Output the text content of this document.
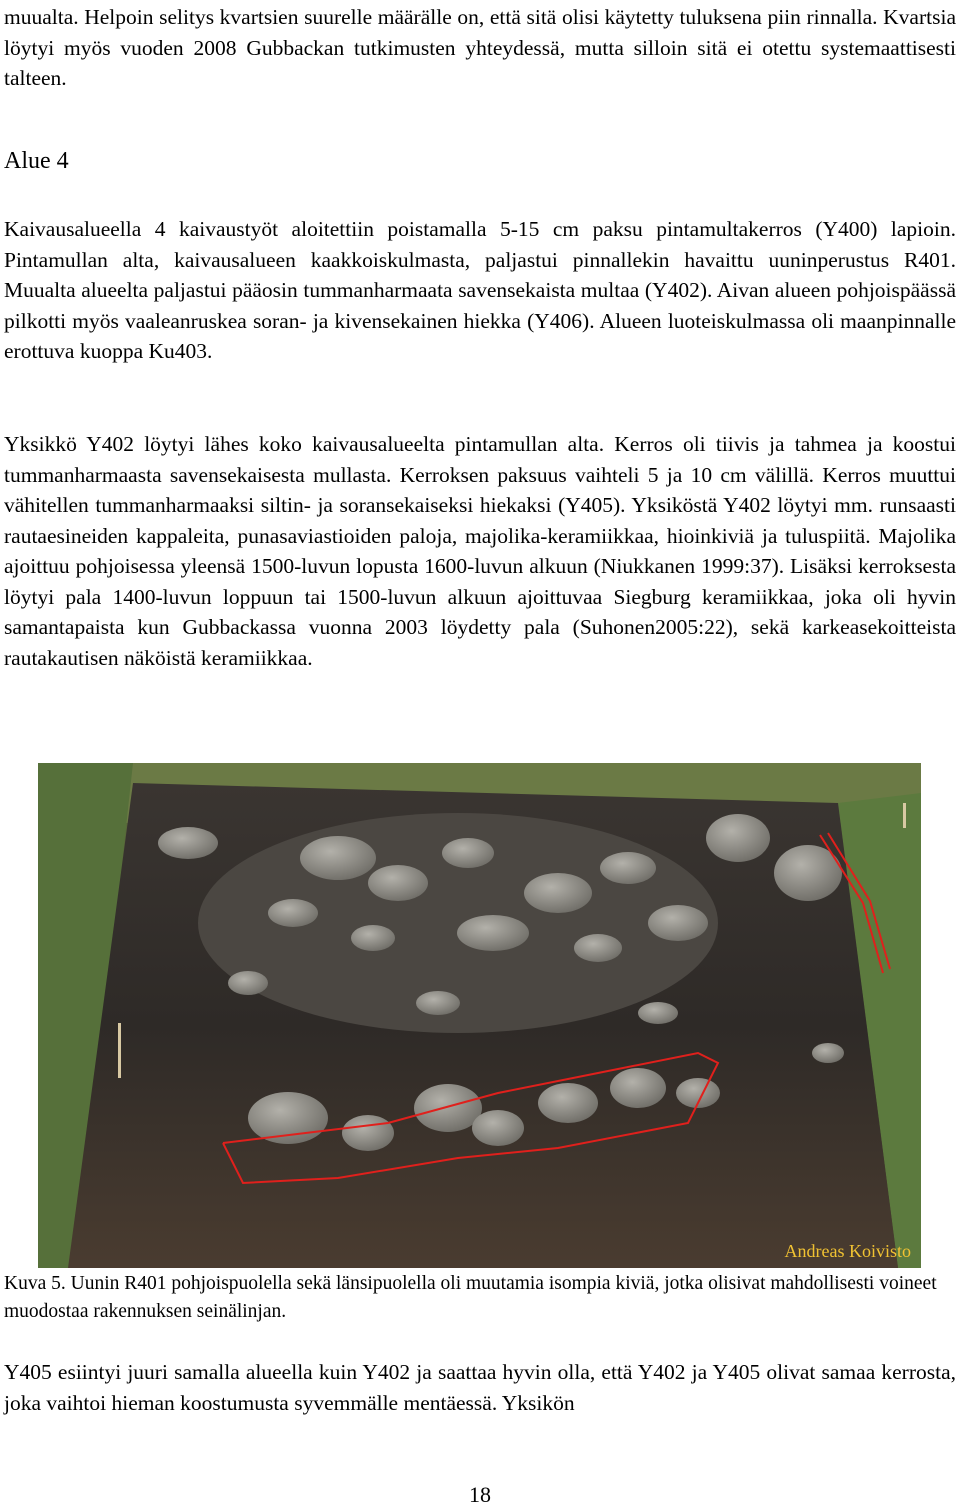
muualta. Helpoin selitys kvartsien suurelle määrälle on, että sitä olisi käytetty tuluksena piin rinnalla. Kvartsia löytyi myös vuoden 2008 Gubbackan tutkimusten yhteydessä, mutta silloin sitä ei otettu systemaattisesti talteen.

Alue 4

Kaivausalueella 4 kaivaustyöt aloitettiin poistamalla 5-15 cm paksu pintamultakerros (Y400) lapioin. Pintamullan alta, kaivausalueen kaakkoiskulmasta, paljastui pinnallekin havaittu uuninperustus R401. Muualta alueelta paljastui pääosin tummanharmaata savensekaista multaa (Y402). Aivan alueen pohjoispäässä pilkotti myös vaaleanruskea soran- ja kivensekainen hiekka (Y406). Alueen luoteiskulmassa oli maanpinnalle erottuva kuoppa Ku403.

Yksikkö Y402 löytyi lähes koko kaivausalueelta pintamullan alta. Kerros oli tiivis ja tahmea ja koostui tummanharmaasta savensekaisesta mullasta. Kerroksen paksuus vaihteli 5 ja 10 cm välillä. Kerros muuttui vähitellen tummanharmaaksi siltin- ja soransekaiseksi hiekaksi (Y405). Yksiköstä Y402 löytyi mm. runsaasti rautaesineiden kappaleita, punasaviastioiden paloja, majolika-keramiikkaa, hioinkiviä ja tuluspiitä. Majolika ajoittuu pohjoisessa yleensä 1500-luvun lopusta 1600-luvun alkuun (Niukkanen 1999:37). Lisäksi kerroksesta löytyi pala 1400-luvun loppuun tai 1500-luvun alkuun ajoittuvaa Siegburg keramiikkaa, joka oli hyvin samantapaista kun Gubbackassa vuonna 2003 löydetty pala (Suhonen2005:22), sekä karkeasekoitteista rautakautisen näköistä keramiikkaa.

Andreas Koivisto

Kuva 5. Uunin R401 pohjoispuolella sekä länsipuolella oli muutamia isompia kiviä, jotka olisivat mahdollisesti voineet muodostaa rakennuksen seinälinjan.

Y405 esiintyi juuri samalla alueella kuin Y402 ja saattaa hyvin olla, että Y402 ja Y405 olivat samaa kerrosta, joka vaihtoi hieman koostumusta syvemmälle mentäessä. Yksikön

18
